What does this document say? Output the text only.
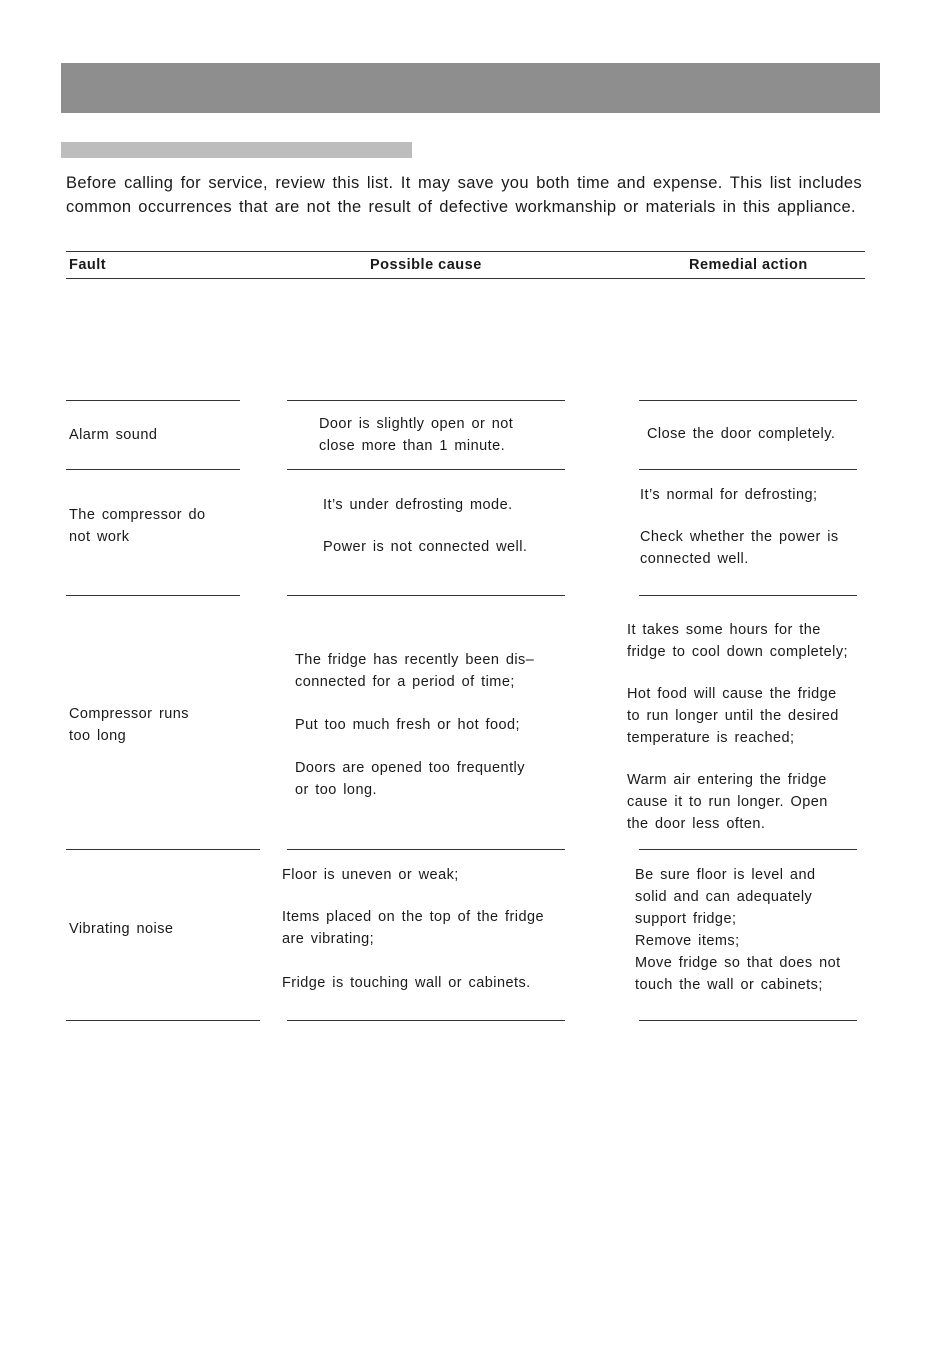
Before calling for service, review this list. It may save you both time and expense. This list includes common occurrences that are not the result of defective workmanship or materials in this appliance.
Fault	Possible cause	Remedial action
Alarm sound
Door is slightly open or not
close more than 1 minute.
Close the door completely.
The compressor do
not work
It’s under defrosting mode.
Power is not connected well.
It’s normal for defrosting;
Check whether the power is
connected well.
Compressor runs
too long
The fridge has recently been dis–
connected for a period of time;
Put too much fresh or hot food;
Doors are opened too frequently
or too long.
It takes some hours for the
fridge to cool down completely;
Hot food will cause the fridge
to run longer until the desired
temperature is reached;
Warm air entering the fridge
cause it to run longer. Open
the door less often.
Vibrating noise
Floor is uneven or weak;
Items placed on the top of the fridge
are vibrating;
Fridge is touching wall or cabinets.
Be sure floor is level and
solid and can adequately
support fridge;
Remove items;
Move fridge so that does not
touch the wall or cabinets;
